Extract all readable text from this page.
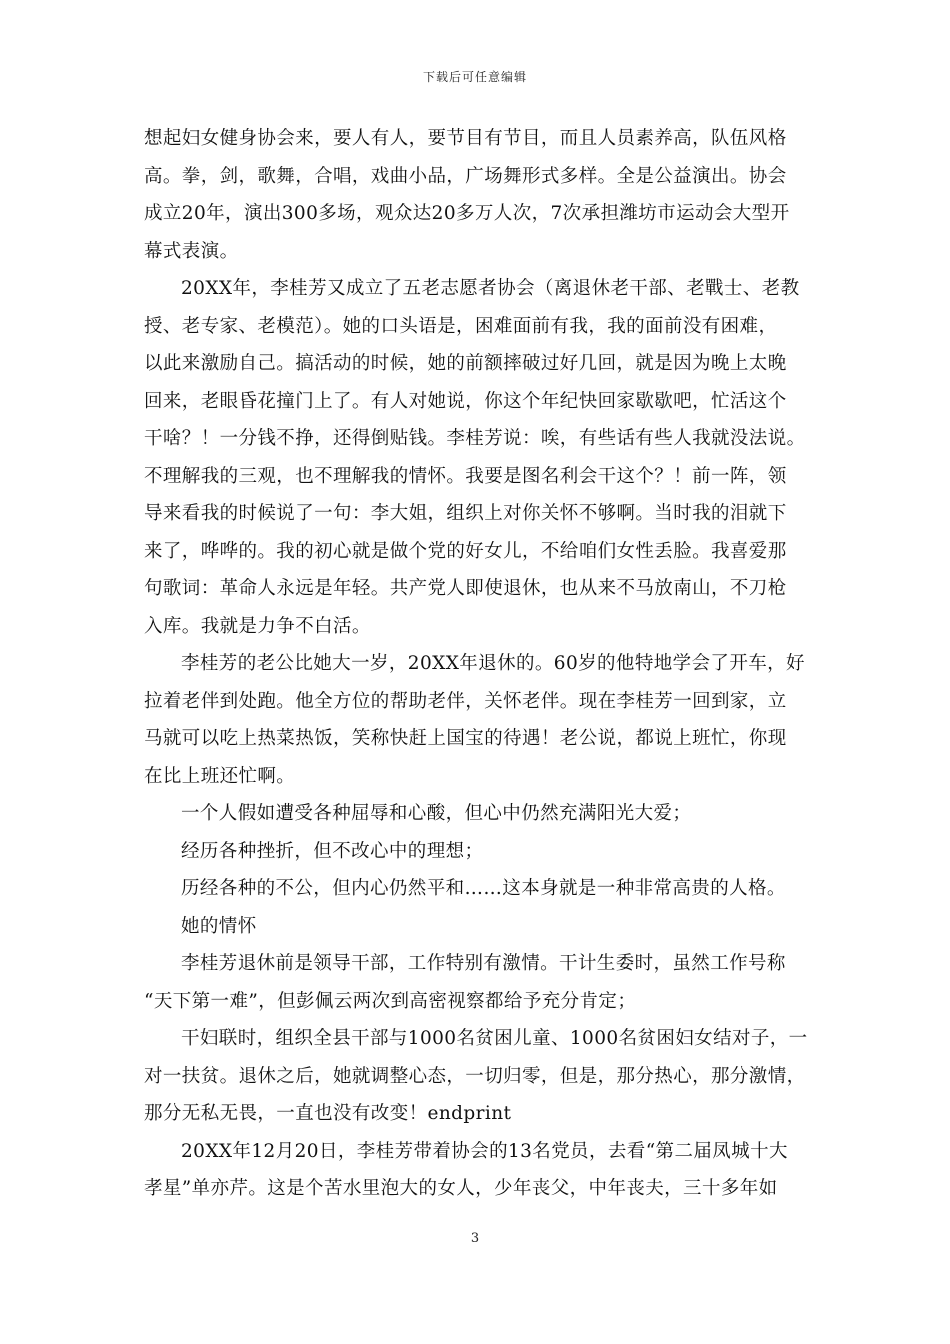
下载后可任意编辑
想起妇女健身协会来，要人有人，要节目有节目，而且人员素养高，队伍风格
高。拳，剑，歌舞，合唱，戏曲小品，广场舞形式多样。全是公益演出。协会
成立20年，演出300多场，观众达20多万人次，7次承担潍坊市运动会大型开
幕式表演。
20XX年，李桂芳又成立了五老志愿者协会（离退休老干部、老戰士、老教
授、老专家、老模范）。她的口头语是，困难面前有我，我的面前没有困难，
以此来激励自己。搞活动的时候，她的前额摔破过好几回，就是因为晚上太晚
回来，老眼昏花撞门上了。有人对她说，你这个年纪快回家歇歇吧，忙活这个
干啥？！一分钱不挣，还得倒贴钱。李桂芳说：唉，有些话有些人我就没法说。
不理解我的三观，也不理解我的情怀。我要是图名利会干这个？！前一阵，领
导来看我的时候说了一句：李大姐，组织上对你关怀不够啊。当时我的泪就下
来了，哗哗的。我的初心就是做个党的好女儿，不给咱们女性丢脸。我喜爱那
句歌词：革命人永远是年轻。共产党人即使退休，也从来不马放南山，不刀枪
入库。我就是力争不白活。
李桂芳的老公比她大一岁，20XX年退休的。60岁的他特地学会了开车，好
拉着老伴到处跑。他全方位的帮助老伴，关怀老伴。现在李桂芳一回到家，立
马就可以吃上热菜热饭，笑称快赶上国宝的待遇！老公说，都说上班忙，你现
在比上班还忙啊。
一个人假如遭受各种屈辱和心酸，但心中仍然充满阳光大爱；
经历各种挫折，但不改心中的理想；
历经各种的不公，但内心仍然平和……这本身就是一种非常高贵的人格。
她的情怀
李桂芳退休前是领导干部，工作特别有激情。干计生委时，虽然工作号称
“天下第一难”，但彭佩云两次到高密视察都给予充分肯定；
干妇联时，组织全县干部与1000名贫困儿童、1000名贫困妇女结对子，一
对一扶贫。退休之后，她就调整心态，一切归零，但是，那分热心，那分激情，
那分无私无畏，一直也没有改变！endprint
20XX年12月20日，李桂芳带着协会的13名党员，去看“第二届凤城十大
孝星”单亦芹。这是个苦水里泡大的女人，少年丧父，中年丧夫，三十多年如
3
